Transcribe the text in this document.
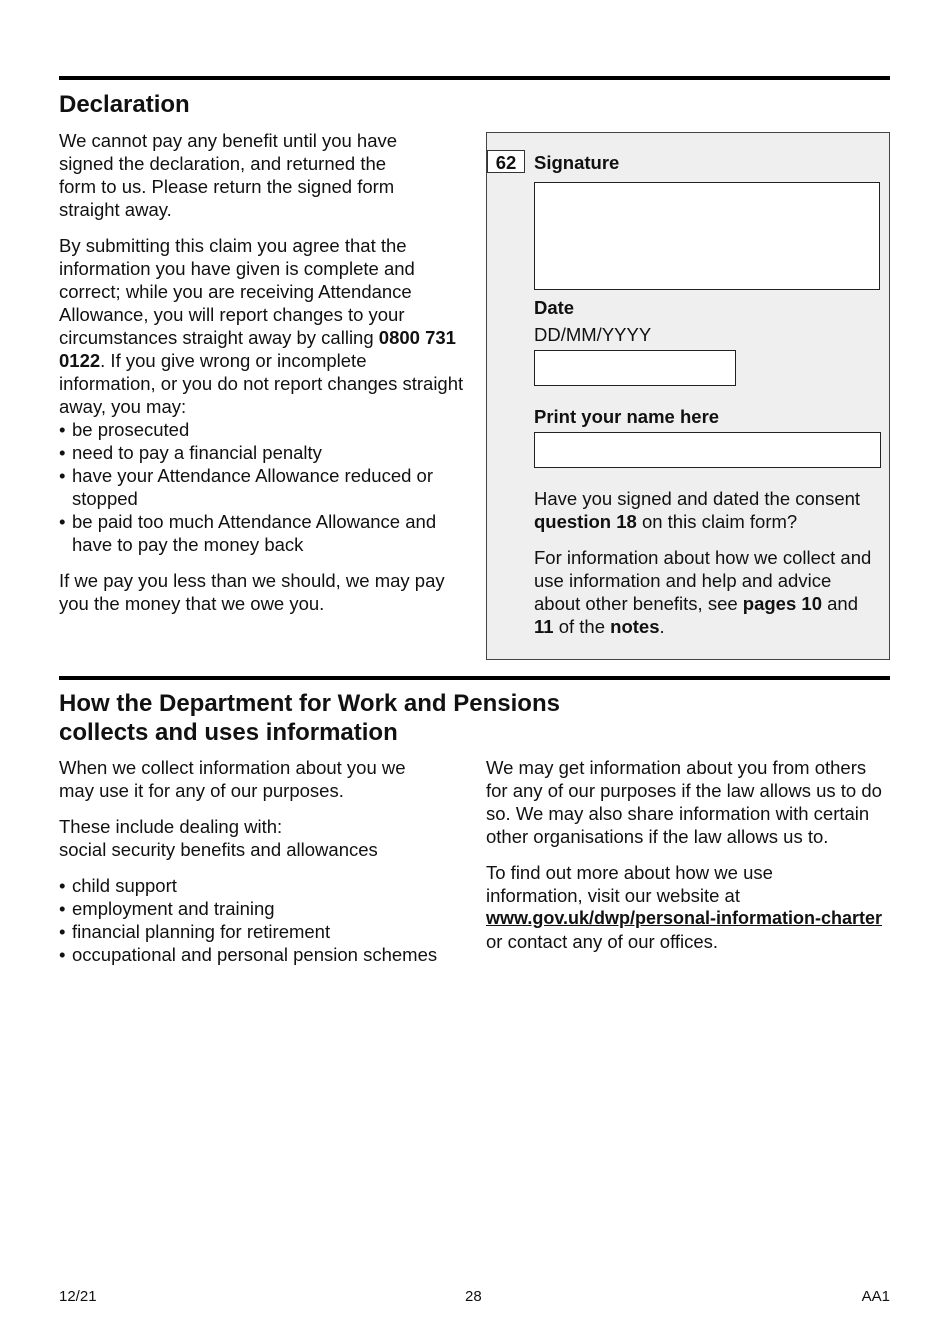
Declaration

We cannot pay any benefit until you have signed the declaration, and returned the form to us. Please return the signed form straight away.

By submitting this claim you agree that the information you have given is complete and correct; while you are receiving Attendance Allowance, you will report changes to your circumstances straight away by calling 0800 731 0122. If you give wrong or incomplete information, or you do not report changes straight away, you may:

• be prosecuted
• need to pay a financial penalty
• have your Attendance Allowance reduced or stopped
• be paid too much Attendance Allowance and have to pay the money back

If we pay you less than we should, we may pay you the money that we owe you.

62 Signature
Date
DD/MM/YYYY
Print your name here

Have you signed and dated the consent question 18 on this claim form?

For information about how we collect and use information and help and advice about other benefits, see pages 10 and 11 of the notes.

How the Department for Work and Pensions
collects and uses information

When we collect information about you we may use it for any of our purposes.

These include dealing with:
social security benefits and allowances

• child support
• employment and training
• financial planning for retirement
• occupational and personal pension schemes

We may get information about you from others for any of our purposes if the law allows us to do so. We may also share information with certain other organisations if the law allows us to.

To find out more about how we use information, visit our website at
www.gov.uk/dwp/personal-information-charter
or contact any of our offices.

12/21	28	AA1
